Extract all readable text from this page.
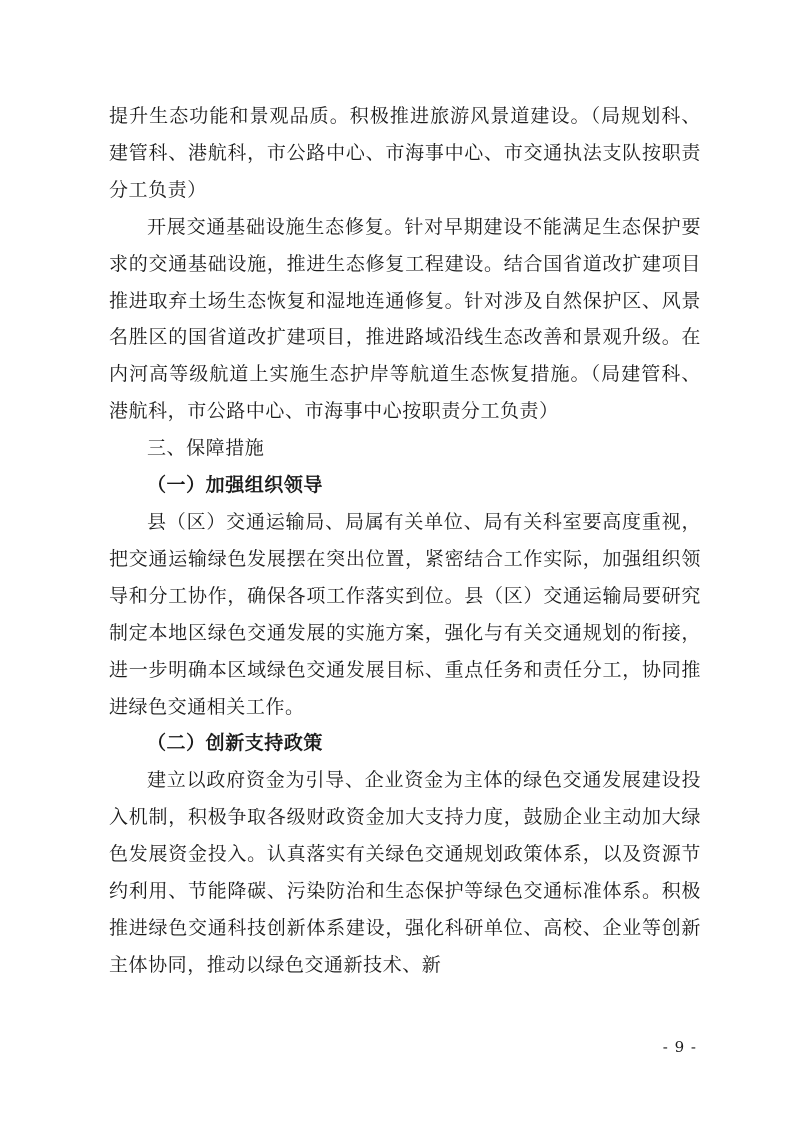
提升生态功能和景观品质。积极推进旅游风景道建设。（局规划科、建管科、港航科，市公路中心、市海事中心、市交通执法支队按职责分工负责）

开展交通基础设施生态修复。针对早期建设不能满足生态保护要求的交通基础设施，推进生态修复工程建设。结合国省道改扩建项目推进取弃土场生态恢复和湿地连通修复。针对涉及自然保护区、风景名胜区的国省道改扩建项目，推进路域沿线生态改善和景观升级。在内河高等级航道上实施生态护岸等航道生态恢复措施。（局建管科、港航科，市公路中心、市海事中心按职责分工负责）

三、保障措施
（一）加强组织领导

县（区）交通运输局、局属有关单位、局有关科室要高度重视，把交通运输绿色发展摆在突出位置，紧密结合工作实际，加强组织领导和分工协作，确保各项工作落实到位。县（区）交通运输局要研究制定本地区绿色交通发展的实施方案，强化与有关交通规划的衔接，进一步明确本区域绿色交通发展目标、重点任务和责任分工，协同推进绿色交通相关工作。

（二）创新支持政策

建立以政府资金为引导、企业资金为主体的绿色交通发展建设投入机制，积极争取各级财政资金加大支持力度，鼓励企业主动加大绿色发展资金投入。认真落实有关绿色交通规划政策体系，以及资源节约利用、节能降碳、污染防治和生态保护等绿色交通标准体系。积极推进绿色交通科技创新体系建设，强化科研单位、高校、企业等创新主体协同，推动以绿色交通新技术、新

- 9 -
